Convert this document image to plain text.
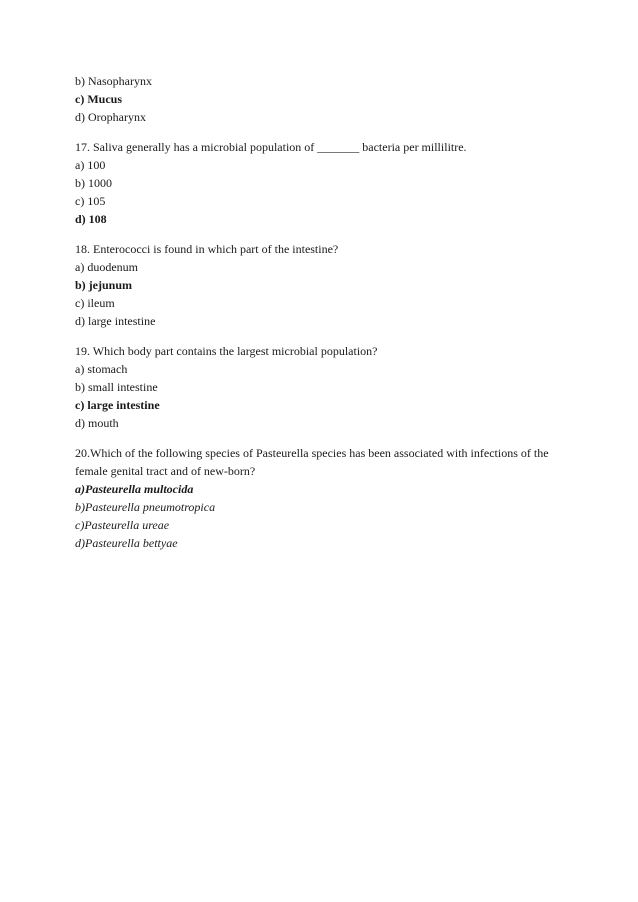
b) Nasopharynx
c) Mucus
d) Oropharynx
17. Saliva generally has a microbial population of _______ bacteria per millilitre.
a) 100
b) 1000
c) 105
d) 108
18. Enterococci is found in which part of the intestine?
a) duodenum
b) jejunum
c) ileum
d) large intestine
19. Which body part contains the largest microbial population?
a) stomach
b) small intestine
c) large intestine
d) mouth
20.Which of the following species of Pasteurella species has been associated with infections of the female genital tract and of new-born?
a)Pasteurella multocida
b)Pasteurella pneumotropica
c)Pasteurella ureae
d)Pasteurella bettyae
